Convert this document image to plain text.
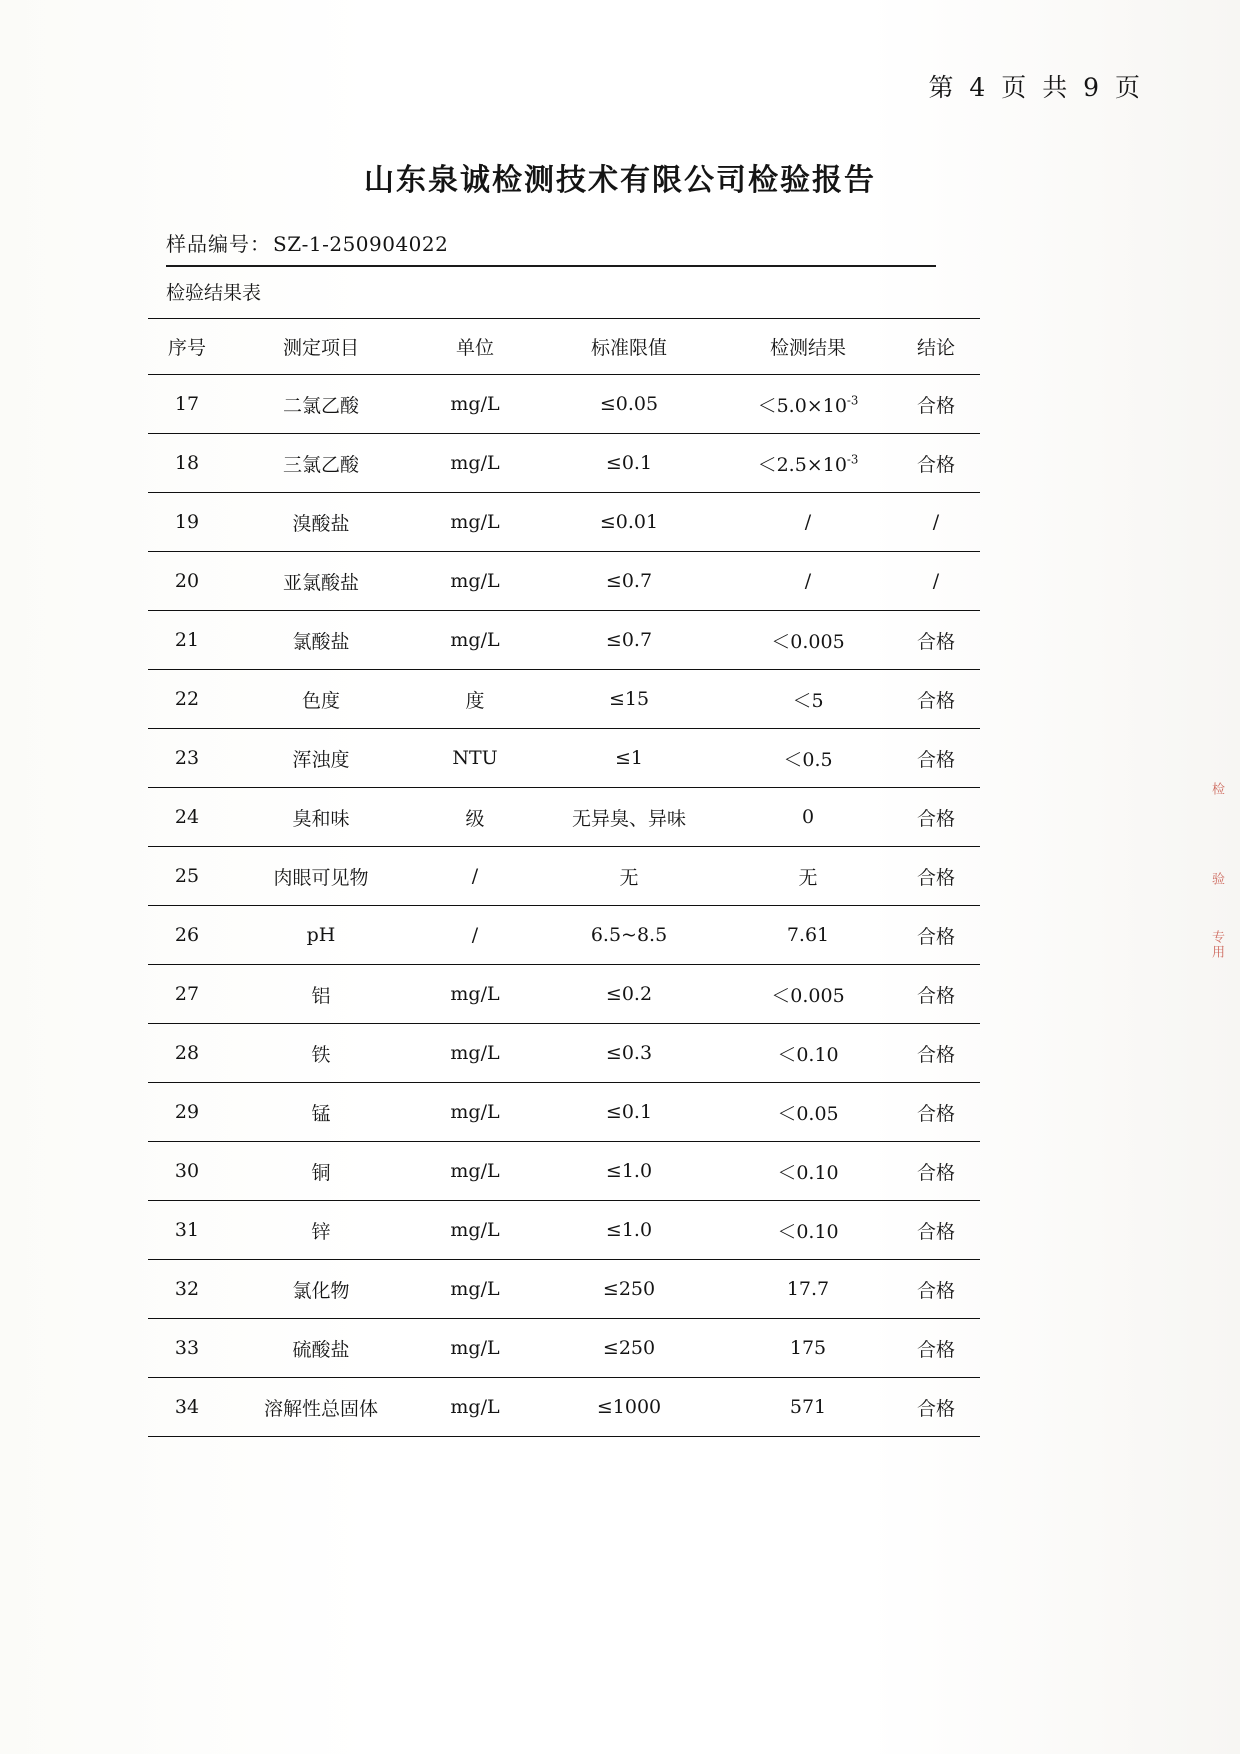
第 4 页 共 9 页
山东泉诚检测技术有限公司检验报告
样品编号： SZ-1-250904022
检验结果表
序号	测定项目	单位	标准限值	检测结果	结论
17	二氯乙酸	mg/L	≤0.05	$<5.0\times 10^{-3}$	合格
18	三氯乙酸	mg/L	≤0.1	$<2.5\times 10^{-3}$	合格
19	溴酸盐	mg/L	≤0.01	/	/
20	亚氯酸盐	mg/L	≤0.7	/	/
21	氯酸盐	mg/L	≤0.7	＜0.005	合格
22	色度	度	≤15	＜5	合格
23	浑浊度	NTU	≤1	＜0.5	合格
24	臭和味	级	无异臭、异味	0	合格
25	肉眼可见物	/	无	无	合格
26	pH	/	6.5~8.5	7.61	合格
27	铝	mg/L	≤0.2	＜0.005	合格
28	铁	mg/L	≤0.3	＜0.10	合格
29	锰	mg/L	≤0.1	＜0.05	合格
30	铜	mg/L	≤1.0	＜0.10	合格
31	锌	mg/L	≤1.0	＜0.10	合格
32	氯化物	mg/L	≤250	17.7	合格
33	硫酸盐	mg/L	≤250	175	合格
34	溶解性总固体	mg/L	≤1000	571	合格
检
验
专用
